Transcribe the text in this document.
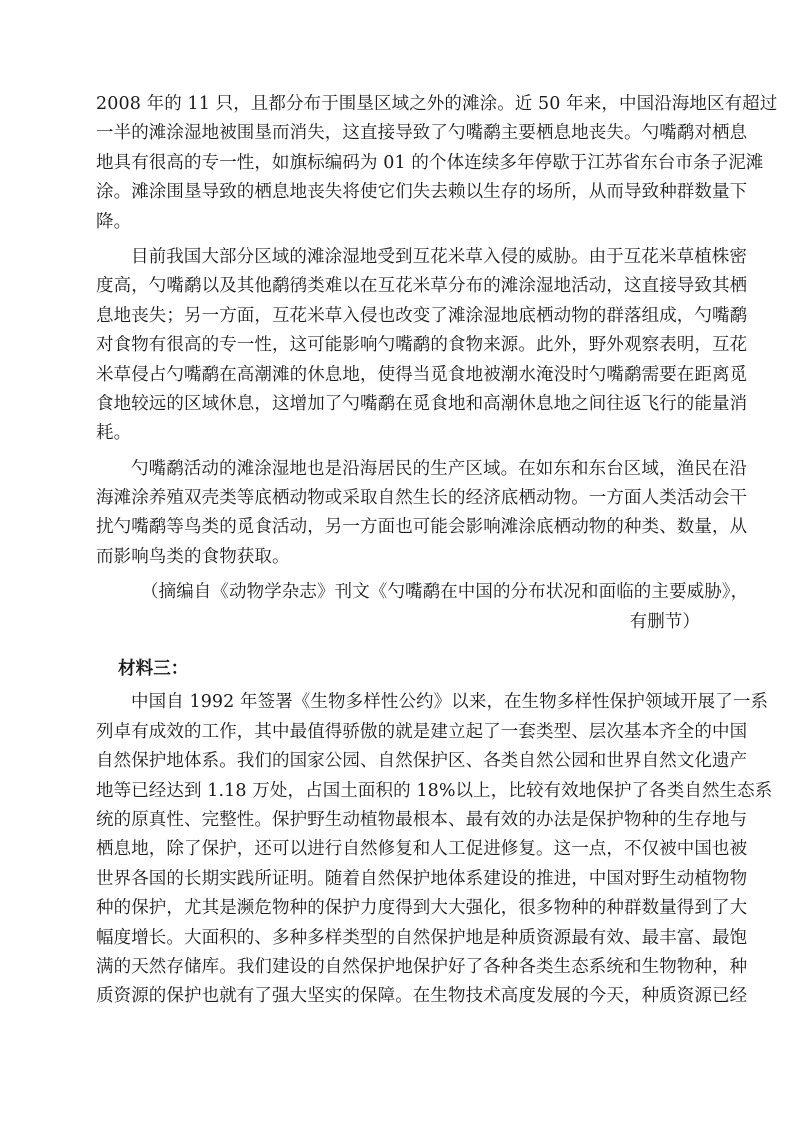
2008 年的 11 只，且都分布于围垦区域之外的滩涂。近 50 年来，中国沿海地区有超过
一半的滩涂湿地被围垦而消失，这直接导致了勺嘴鹬主要栖息地丧失。勺嘴鹬对栖息
地具有很高的专一性，如旗标编码为 01 的个体连续多年停歇于江苏省东台市条子泥滩
涂。滩涂围垦导致的栖息地丧失将使它们失去赖以生存的场所，从而导致种群数量下
降。
目前我国大部分区域的滩涂湿地受到互花米草入侵的威胁。由于互花米草植株密
度高，勺嘴鹬以及其他鹬鸻类难以在互花米草分布的滩涂湿地活动，这直接导致其栖
息地丧失；另一方面，互花米草入侵也改变了滩涂湿地底栖动物的群落组成，勺嘴鹬
对食物有很高的专一性，这可能影响勺嘴鹬的食物来源。此外，野外观察表明，互花
米草侵占勺嘴鹬在高潮滩的休息地，使得当觅食地被潮水淹没时勺嘴鹬需要在距离觅
食地较远的区域休息，这增加了勺嘴鹬在觅食地和高潮休息地之间往返飞行的能量消
耗。
勺嘴鹬活动的滩涂湿地也是沿海居民的生产区域。在如东和东台区域，渔民在沿
海滩涂养殖双壳类等底栖动物或采取自然生长的经济底栖动物。一方面人类活动会干
扰勺嘴鹬等鸟类的觅食活动，另一方面也可能会影响滩涂底栖动物的种类、数量，从
而影响鸟类的食物获取。
（摘编自《动物学杂志》刊文《勺嘴鹬在中国的分布状况和面临的主要威胁》，
有删节）
材料三：
中国自 1992 年签署《生物多样性公约》以来，在生物多样性保护领域开展了一系
列卓有成效的工作，其中最值得骄傲的就是建立起了一套类型、层次基本齐全的中国
自然保护地体系。我们的国家公园、自然保护区、各类自然公园和世界自然文化遗产
地等已经达到 1.18 万处，占国土面积的 18%以上，比较有效地保护了各类自然生态系
统的原真性、完整性。保护野生动植物最根本、最有效的办法是保护物种的生存地与
栖息地，除了保护，还可以进行自然修复和人工促进修复。这一点，不仅被中国也被
世界各国的长期实践所证明。随着自然保护地体系建设的推进，中国对野生动植物物
种的保护，尤其是濒危物种的保护力度得到大大强化，很多物种的种群数量得到了大
幅度增长。大面积的、多种多样类型的自然保护地是种质资源最有效、最丰富、最饱
满的天然存储库。我们建设的自然保护地保护好了各种各类生态系统和生物物种，种
质资源的保护也就有了强大坚实的保障。在生物技术高度发展的今天，种质资源已经
